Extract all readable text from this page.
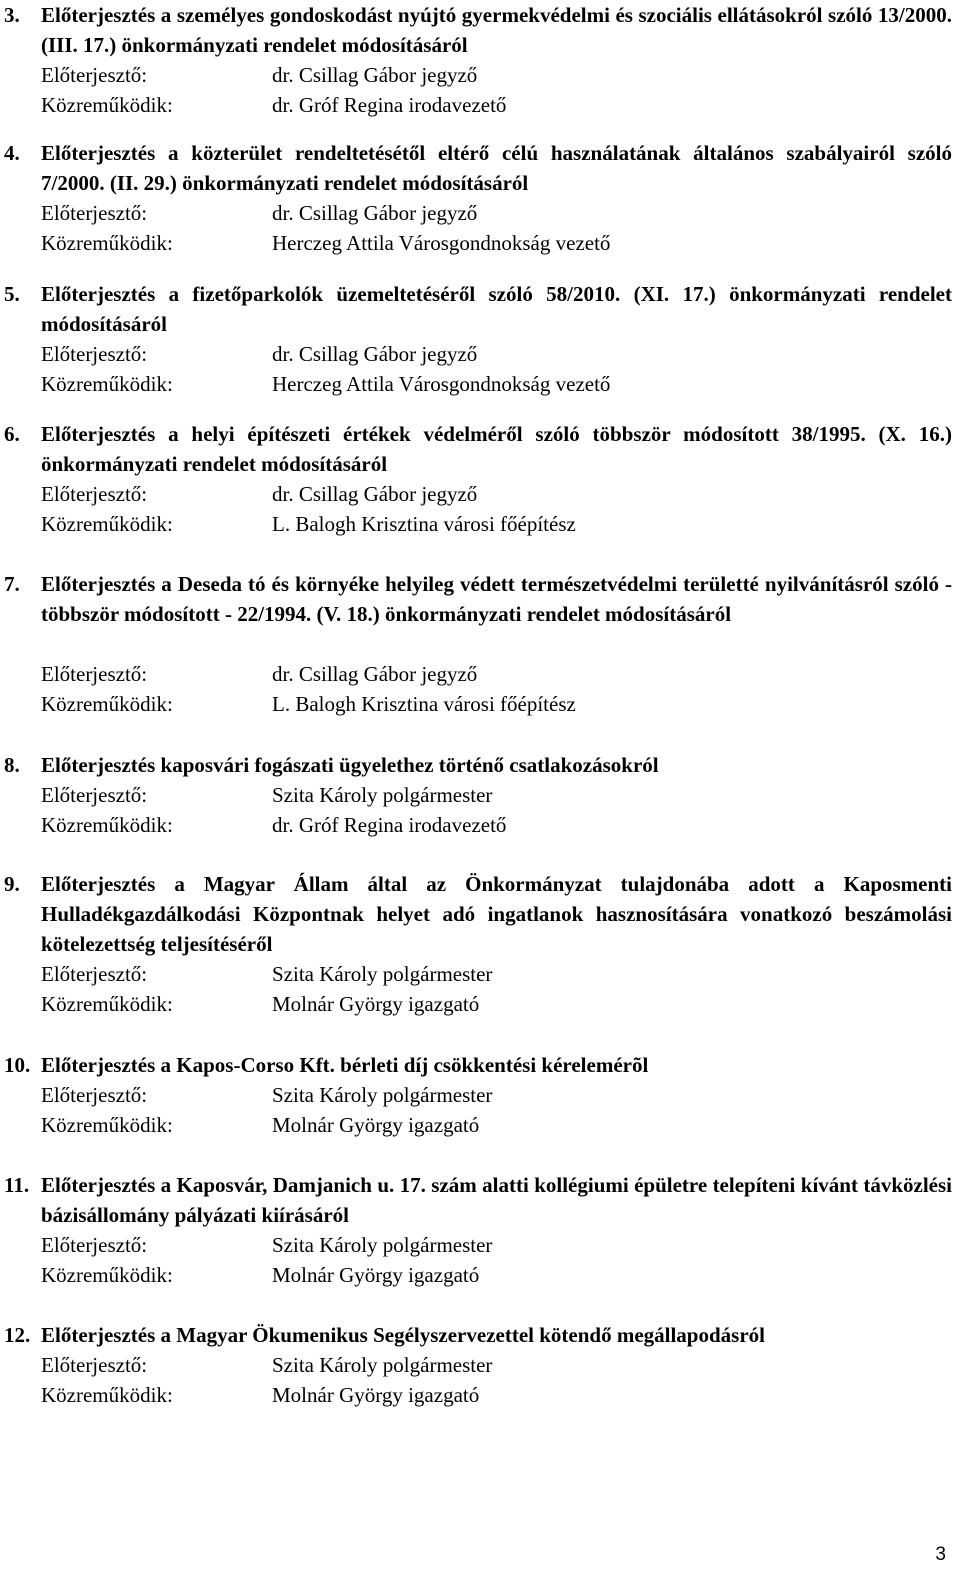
3. Előterjesztés a személyes gondoskodást nyújtó gyermekvédelmi és szociális ellátásokról szóló 13/2000. (III. 17.) önkormányzati rendelet módosításáról
Előterjesztő:	dr. Csillag Gábor jegyző
Közreműködik:	dr. Gróf Regina irodavezető
4. Előterjesztés a közterület rendeltetésétől eltérő célú használatának általános szabályairól szóló 7/2000. (II. 29.) önkormányzati rendelet módosításáról
Előterjesztő:	dr. Csillag Gábor jegyző
Közreműködik:	Herczeg Attila Városgondnokság vezető
5. Előterjesztés a fizetőparkolók üzemeltetéséről szóló 58/2010. (XI. 17.) önkormányzati rendelet módosításáról
Előterjesztő:	dr. Csillag Gábor jegyző
Közreműködik:	Herczeg Attila Városgondnokság vezető
6. Előterjesztés a helyi építészeti értékek védelméről szóló többször módosított 38/1995. (X. 16.) önkormányzati rendelet módosításáról
Előterjesztő:	dr. Csillag Gábor jegyző
Közreműködik:	L. Balogh Krisztina városi főépítész
7. Előterjesztés a Deseda tó és környéke helyileg védett természetvédelmi területté nyilvánításról szóló - többször módosított - 22/1994. (V. 18.) önkormányzati rendelet módosításáról
Előterjesztő:	dr. Csillag Gábor jegyző
Közreműködik:	L. Balogh Krisztina városi főépítész
8. Előterjesztés kaposvári fogászati ügyelethez történő csatlakozásokról
Előterjesztő:	Szita Károly polgármester
Közreműködik:	dr. Gróf Regina irodavezető
9. Előterjesztés a Magyar Állam által az Önkormányzat tulajdonába adott a Kaposmenti Hulladékgazdálkodási Központnak helyet adó ingatlanok hasznosítására vonatkozó beszámolási kötelezettség teljesítéséről
Előterjesztő:	Szita Károly polgármester
Közreműködik:	Molnár György igazgató
10. Előterjesztés a Kapos-Corso Kft. bérleti díj csökkentési kérelemérõl
Előterjesztő:	Szita Károly polgármester
Közreműködik:	Molnár György igazgató
11. Előterjesztés a Kaposvár, Damjanich u. 17. szám alatti kollégiumi épületre telepíteni kívánt távközlési bázisállomány pályázati kiírásáról
Előterjesztő:	Szita Károly polgármester
Közreműködik:	Molnár György igazgató
12. Előterjesztés a Magyar Ökumenikus Segélyszervezettel kötendő megállapodásról
Előterjesztő:	Szita Károly polgármester
Közreműködik:	Molnár György igazgató
3
